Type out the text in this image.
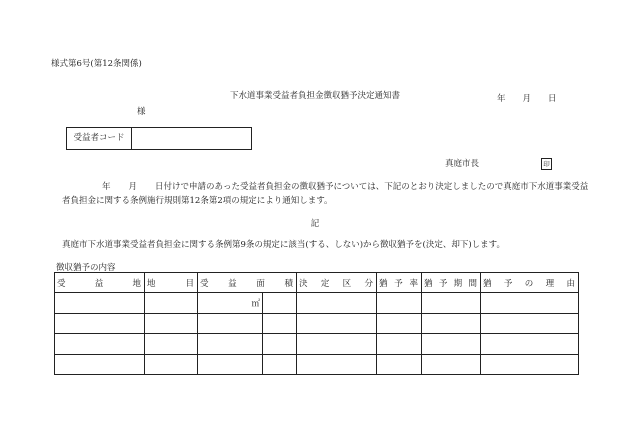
様式第6号(第12条関係)
下水道事業受益者負担金徴収猶予決定通知書	年 月 日
様
受益者コード
真庭市長	印
年 月 日付けで申請のあった受益者負担金の徴収猶予については、下記のとおり決定しましたので真庭市下水道事業受益
者負担金に関する条例施行規則第12条第2項の規定により通知します。
記
真庭市下水道事業受益者負担金に関する条例第9条の規定に該当(する、しない)から徴収猶予を(決定、却下)します。
徴収猶予の内容
受益地	地目	受益面積		決定区分	猶予率	猶予期間	猶予の理由
		㎡					
